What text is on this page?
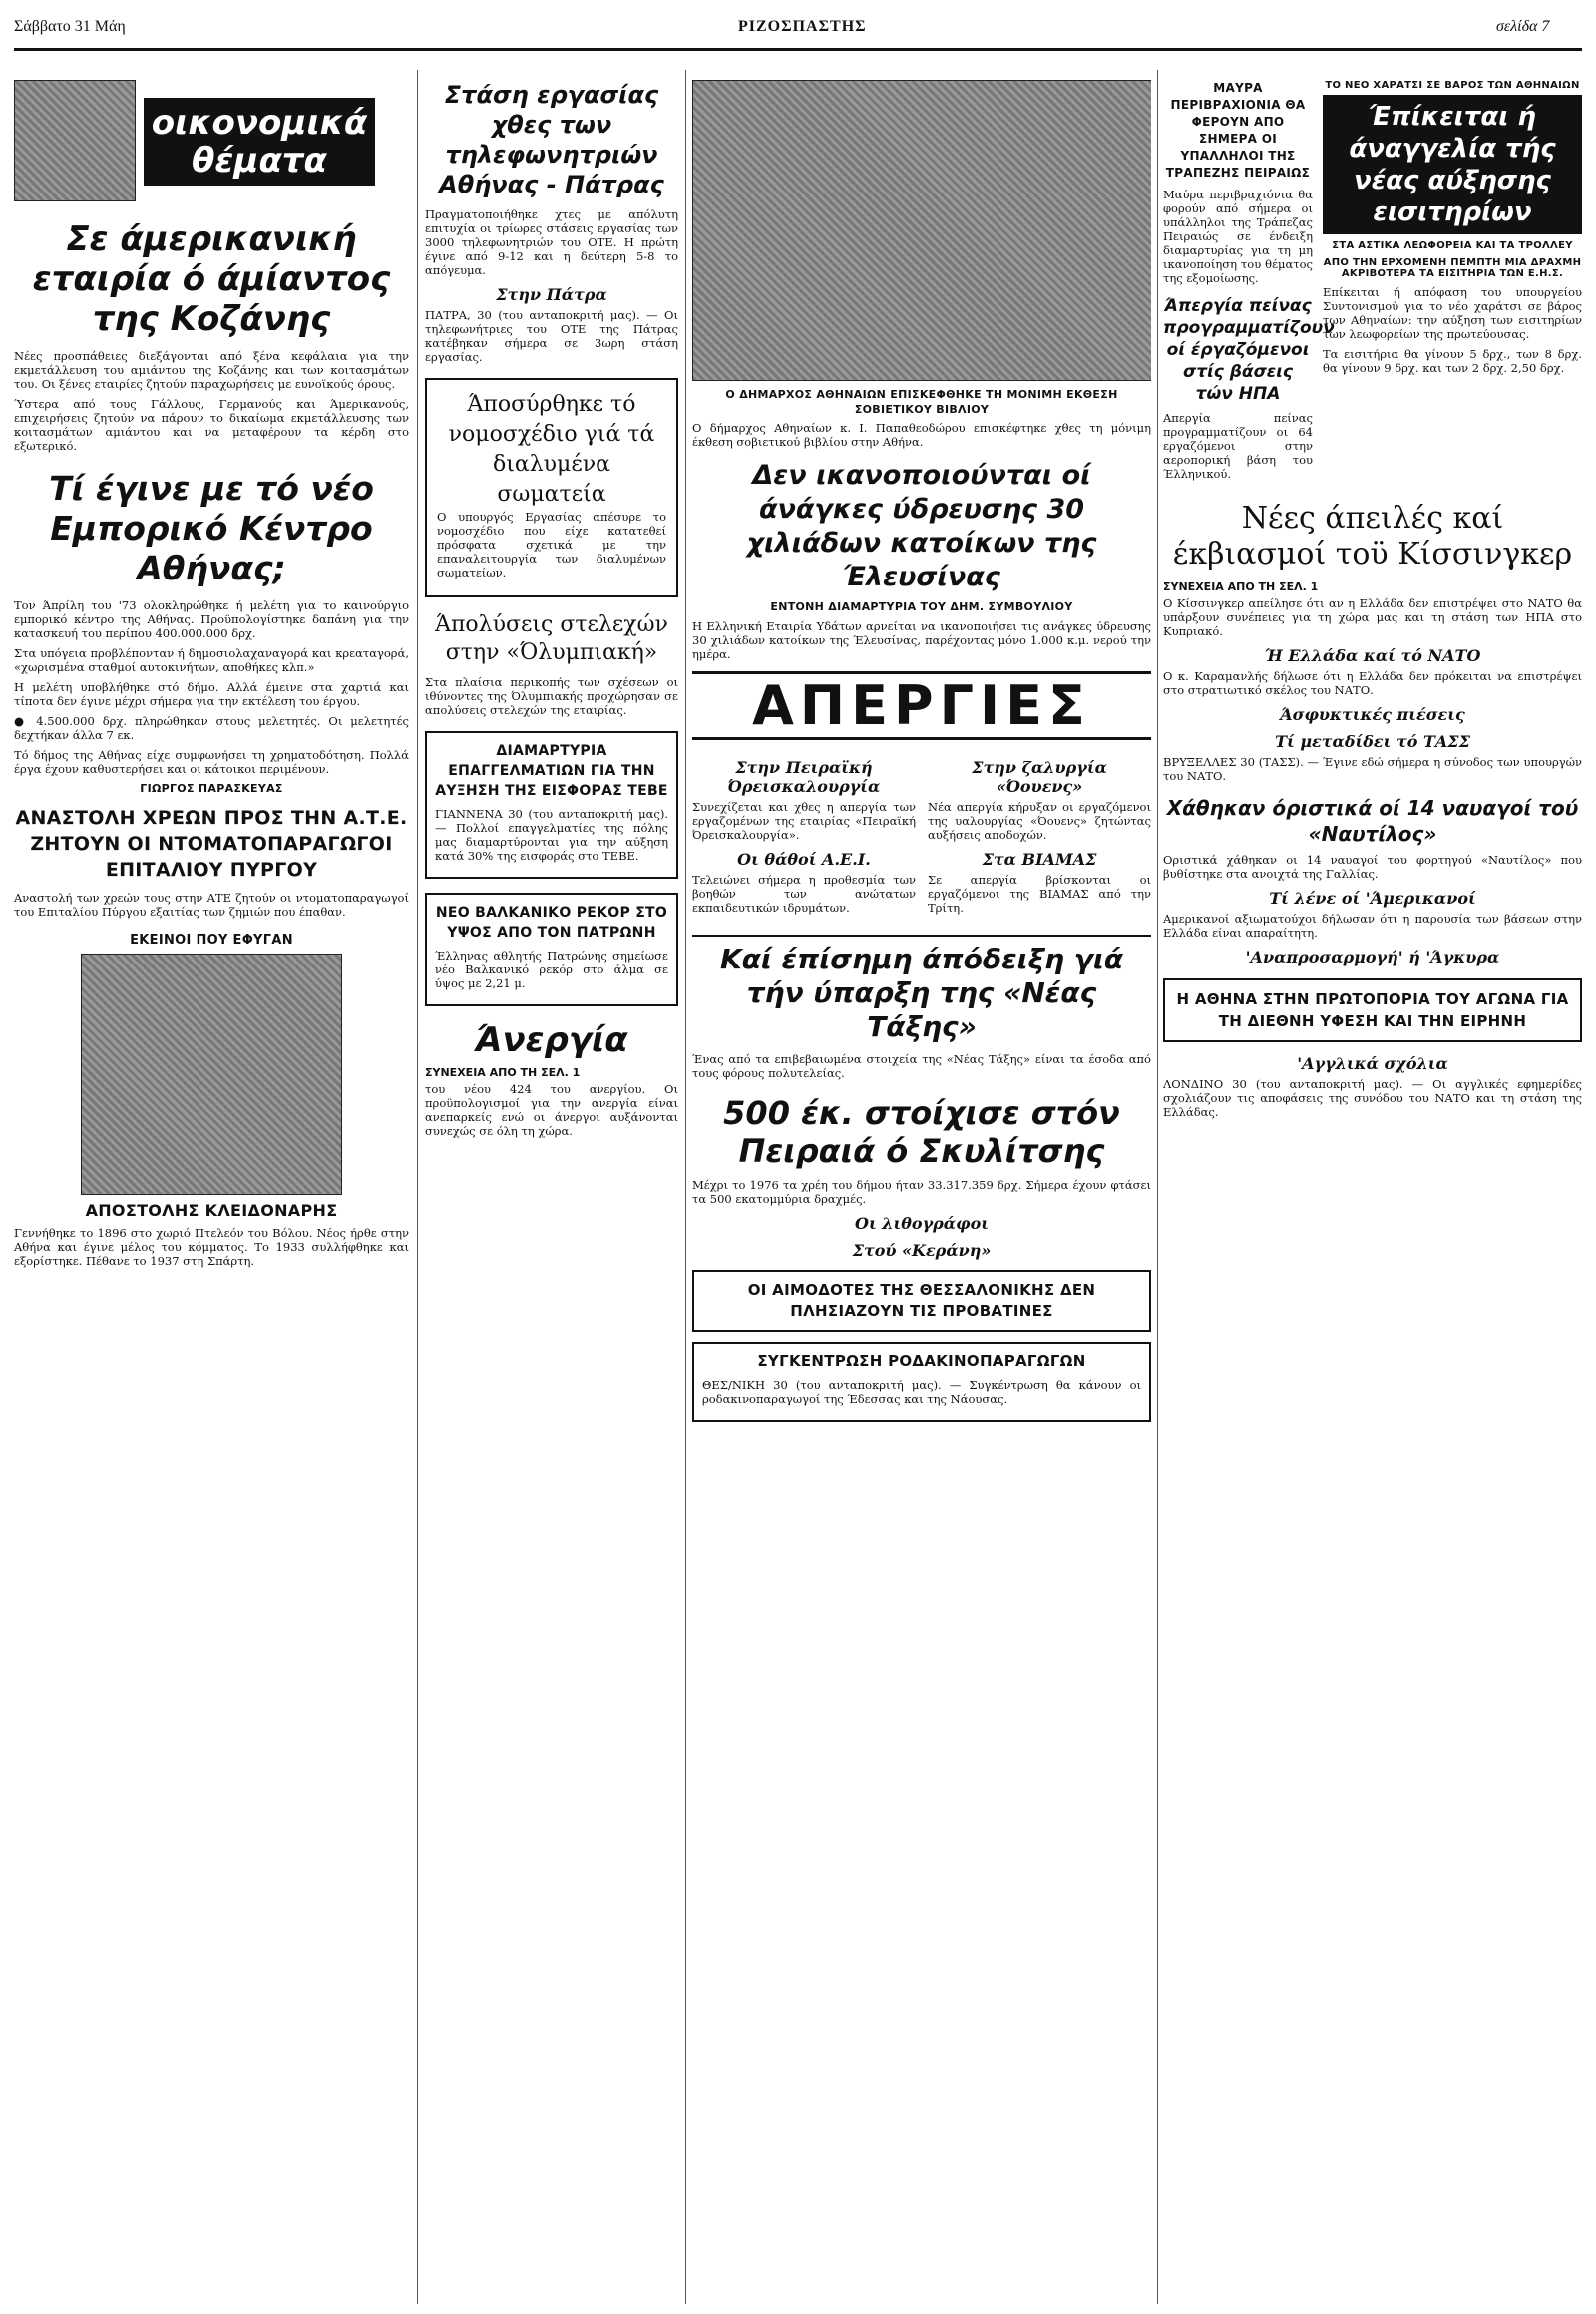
Σάββατο 31 Μάη	ΡΙΖΟΣΠΑΣΤΗΣ	σελίδα 7
οικονομικά
θέματα
Σε άμερικανική εταιρία ό άμίαντος της Κοζάνης

Νέες προσπάθειες διεξάγονται από ξένα κεφάλαια για την εκμετάλλευση του αμιάντου της Κοζάνης και των κοιτασμάτων του. Οι ξένες εταιρίες ζητούν παραχωρήσεις με ευνοϊκούς όρους.

Ύστερα από τους Γάλλους, Γερμανούς και Άμερικανούς, επιχειρήσεις ζητούν να πάρουν το δικαίωμα εκμετάλλευσης των κοιτασμάτων αμιάντου και να μεταφέρουν τα κέρδη στο εξωτερικό.

Τί έγινε με τό νέο Εμπορικό Κέντρο Αθήνας;

Τον Άπρίλη του '73 ολοκληρώθηκε ή μελέτη για το καινούργιο εμπορικό κέντρο της Αθήνας. Προϋπολογίστηκε δαπάνη για την κατασκευή του περίπου 400.000.000 δρχ.

Στα υπόγεια προβλέπονταν ή δημοσιολαχαναγορά και κρεαταγορά, «χωρισμένα σταθμοί αυτοκινήτων, αποθήκες κλπ.»

Η μελέτη υποβλήθηκε στό δήμο. Αλλά έμεινε στα χαρτιά και τίποτα δεν έγινε μέχρι σήμερα για την εκτέλεση του έργου.

● 4.500.000 δρχ. πληρώθηκαν στους μελετητές. Οι μελετητές δεχτήκαν άλλα 7 εκ.

Τό δήμος της Αθήνας είχε συμφωνήσει τη χρηματοδότηση. Πολλά έργα έχουν καθυστερήσει και οι κάτοικοι περιμένουν.

ΓΙΩΡΓΟΣ ΠΑΡΑΣΚΕΥΑΣ
ΑΝΑΣΤΟΛΗ ΧΡΕΩΝ ΠΡΟΣ ΤΗΝ Α.Τ.Ε. ΖΗΤΟΥΝ ΟΙ ΝΤΟΜΑΤΟΠΑΡΑΓΩΓΟΙ ΕΠΙΤΑΛΙΟΥ ΠΥΡΓΟΥ

Αναστολή των χρεών τους στην ΑΤΕ ζητούν οι ντοματοπαραγωγοί του Επιταλίου Πύργου εξαιτίας των ζημιών που έπαθαν.

ΕΚΕΙΝΟΙ ΠΟΥ ΕΦΥΓΑΝ
ΑΠΟΣΤΟΛΗΣ ΚΛΕΙΔΟΝΑΡΗΣ

Γεννήθηκε το 1896 στο χωριό Πτελεόν του Βόλου. Νέος ήρθε στην Αθήνα και έγινε μέλος του κόμματος. Το 1933 συλλήφθηκε και εξορίστηκε. Πέθανε το 1937 στη Σπάρτη.

Στάση εργασίας χθες των τηλεφωνητριών Αθήνας - Πάτρας

Πραγματοποιήθηκε χτες με απόλυτη επιτυχία οι τρίωρες στάσεις εργασίας των 3000 τηλεφωνητριών του ΟΤΕ. Η πρώτη έγινε από 9-12 και η δεύτερη 5-8 το απόγευμα.

Στην Πάτρα

ΠΑΤΡΑ, 30 (του ανταποκριτή μας). — Οι τηλεφωνήτριες του ΟΤΕ της Πάτρας κατέβηκαν σήμερα σε 3ωρη στάση εργασίας.

Άποσύρθηκε τό νομοσχέδιο γιά τά διαλυμένα σωματεία

Ο υπουργός Εργασίας απέσυρε το νομοσχέδιο που είχε κατατεθεί πρόσφατα σχετικά με την επαναλειτουργία των διαλυμένων σωματείων.

Άπολύσεις στελεχών στην «Όλυμπιακή»

Στα πλαίσια περικοπής των σχέσεων οι ιθύνοντες της Όλυμπιακής προχώρησαν σε απολύσεις στελεχών της εταιρίας.

ΔΙΑΜΑΡΤΥΡΙΑ ΕΠΑΓΓΕΛΜΑΤΙΩΝ ΓΙΑ ΤΗΝ ΑΥΞΗΣΗ ΤΗΣ ΕΙΣΦΟΡΑΣ ΤΕΒΕ

ΓΙΑΝΝΕΝΑ 30 (του ανταποκριτή μας). — Πολλοί επαγγελματίες της πόλης μας διαμαρτύρονται για την αύξηση κατά 30% της εισφοράς στο ΤΕΒΕ.

ΝΕΟ ΒΑΛΚΑΝΙΚΟ ΡΕΚΟΡ ΣΤΟ ΥΨΟΣ ΑΠΟ ΤΟΝ ΠΑΤΡΩΝΗ

Έλληνας αθλητής Πατρώνης σημείωσε νέο Βαλκανικό ρεκόρ στο άλμα σε ύψος με 2,21 μ.

Άνεργία
ΣΥΝΕΧΕΙΑ ΑΠΟ ΤΗ ΣΕΛ. 1

του νέου 424 του ανεργίου. Οι προϋπολογισμοί για την ανεργία είναι ανεπαρκείς ενώ οι άνεργοι αυξάνονται συνεχώς σε όλη τη χώρα.

Ο ΔΗΜΑΡΧΟΣ ΑΘΗΝΑΙΩΝ ΕΠΙΣΚΕΦΘΗΚΕ ΤΗ ΜΟΝΙΜΗ ΕΚΘΕΣΗ ΣΟΒΙΕΤΙΚΟΥ ΒΙΒΛΙΟΥ

Ο δήμαρχος Αθηναίων κ. Ι. Παπαθεοδώρου επισκέφτηκε χθες τη μόνιμη έκθεση σοβιετικού βιβλίου στην Αθήνα.

Δεν ικανοποιούνται οί άνάγκες ύδρευσης 30 χιλιάδων κατοίκων της Έλευσίνας
ΕΝΤΟΝΗ ΔΙΑΜΑΡΤΥΡΙΑ ΤΟΥ ΔΗΜ. ΣΥΜΒΟΥΛΙΟΥ

Η Ελληνική Εταιρία Υδάτων αρνείται να ικανοποιήσει τις ανάγκες ύδρευσης 30 χιλιάδων κατοίκων της Έλευσίνας, παρέχοντας μόνο 1.000 κ.μ. νερού την ημέρα.

ΑΠΕΡΓΙΕΣ
Στην Πειραϊκή Όρεισκαλουργία

Συνεχίζεται και χθες η απεργία των εργαζομένων της εταιρίας «Πειραϊκή Όρεισκαλουργία».

Οι θάθοί Α.Ε.Ι.

Τελειώνει σήμερα η προθεσμία των βοηθών των ανώτατων εκπαιδευτικών ιδρυμάτων.

Στην ζαλυργία «Όουενς»

Νέα απεργία κήρυξαν οι εργαζόμενοι της υαλουργίας «Όουενς» ζητώντας αυξήσεις αποδοχών.

Στα ΒΙΑΜΑΣ

Σε απεργία βρίσκονται οι εργαζόμενοι της ΒΙΑΜΑΣ από την Τρίτη.

Καί έπίσημη άπόδειξη γιά τήν ύπαρξη της «Νέας Τάξης»

Ένας από τα επιβεβαιωμένα στοιχεία της «Νέας Τάξης» είναι τα έσοδα από τους φόρους πολυτελείας.

500 έκ. στοίχισε στόν Πειραιά ό Σκυλίτσης

Μέχρι το 1976 τα χρέη του δήμου ήταν 33.317.359 δρχ. Σήμερα έχουν φτάσει τα 500 εκατομμύρια δραχμές.

Οι λιθογράφοι
Στού «Κεράνη»
ΟΙ ΑΙΜΟΔΟΤΕΣ ΤΗΣ ΘΕΣΣΑΛΟΝΙΚΗΣ ΔΕΝ ΠΛΗΣΙΑΖΟΥΝ ΤΙΣ ΠΡΟΒΑΤΙΝΕΣ
ΣΥΓΚΕΝΤΡΩΣΗ ΡΟΔΑΚΙΝΟΠΑΡΑΓΩΓΩΝ

ΘΕΣ/ΝΙΚΗ 30 (του ανταποκριτή μας). — Συγκέντρωση θα κάνουν οι ροδακινοπαραγωγοί της Έδεσσας και της Νάουσας.

ΜΑΥΡΑ ΠΕΡΙΒΡΑΧΙΟΝΙΑ ΘΑ ΦΕΡΟΥΝ ΑΠΟ ΣΗΜΕΡΑ ΟΙ ΥΠΑΛΛΗΛΟΙ ΤΗΣ ΤΡΑΠΕΖΗΣ ΠΕΙΡΑΙΩΣ

Μαύρα περιβραχιόνια θα φορούν από σήμερα οι υπάλληλοι της Τράπεζας Πειραιώς σε ένδειξη διαμαρτυρίας για τη μη ικανοποίηση του θέματος της εξομοίωσης.

Άπεργία πείνας προγραμματίζουν οί έργαζόμενοι στίς βάσεις τών ΗΠΑ

Απεργία πείνας προγραμματίζουν οι 64 εργαζόμενοι στην αεροπορική βάση του Έλληνικού.

ΤΟ ΝΕΟ ΧΑΡΑΤΣΙ ΣΕ ΒΑΡΟΣ ΤΩΝ ΑΘΗΝΑΙΩΝ
Έπίκειται ή άναγγελία τής νέας αύξησης εισιτηρίων
ΣΤΑ ΑΣΤΙΚΑ ΛΕΩΦΟΡΕΙΑ ΚΑΙ ΤΑ ΤΡΟΛΛΕΥ
ΑΠΟ ΤΗΝ ΕΡΧΟΜΕΝΗ ΠΕΜΠΤΗ ΜΙΑ ΔΡΑΧΜΗ ΑΚΡΙΒΟΤΕΡΑ ΤΑ ΕΙΣΙΤΗΡΙΑ ΤΩΝ Ε.Η.Σ.

Επίκειται ή απόφαση του υπουργείου Συντονισμού για το νέο χαράτσι σε βάρος των Αθηναίων: την αύξηση των εισιτηρίων των λεωφορείων της πρωτεύουσας.

Τα εισιτήρια θα γίνουν 5 δρχ., των 8 δρχ. θα γίνουν 9 δρχ. και των 2 δρχ. 2,50 δρχ.

Νέες άπειλές καί έκβιασμοί τοϋ Κίσσινγκερ
ΣΥΝΕΧΕΙΑ ΑΠΟ ΤΗ ΣΕΛ. 1

Ο Κίσσινγκερ απείλησε ότι αν η Ελλάδα δεν επιστρέψει στο ΝΑΤΟ θα υπάρξουν συνέπειες για τη χώρα μας και τη στάση των ΗΠΑ στο Κυπριακό.

Ή Ελλάδα καί τό ΝΑΤΟ

Ο κ. Καραμανλής δήλωσε ότι η Ελλάδα δεν πρόκειται να επιστρέψει στο στρατιωτικό σκέλος του ΝΑΤΟ.

Άσφυκτικές πιέσεις
Τί μεταδίδει τό ΤΑΣΣ

ΒΡΥΞΕΛΛΕΣ 30 (ΤΑΣΣ). — Έγινε εδώ σήμερα η σύνοδος των υπουργών του ΝΑΤΟ.

Χάθηκαν όριστικά οί 14 ναυαγοί τού «Ναυτίλος»

Οριστικά χάθηκαν οι 14 ναυαγοί του φορτηγού «Ναυτίλος» που βυθίστηκε στα ανοιχτά της Γαλλίας.

Τί λένε οί 'Άμερικανοί

Αμερικανοί αξιωματούχοι δήλωσαν ότι η παρουσία των βάσεων στην Ελλάδα είναι απαραίτητη.

'Αναπροσαρμογή' ή 'Άγκυρα
Η ΑΘΗΝΑ ΣΤΗΝ ΠΡΩΤΟΠΟΡΙΑ ΤΟΥ ΑΓΩΝΑ ΓΙΑ ΤΗ ΔΙΕΘΝΗ ΥΦΕΣΗ ΚΑΙ ΤΗΝ ΕΙΡΗΝΗ
'Αγγλικά σχόλια

ΛΟΝΔΙΝΟ 30 (του ανταποκριτή μας). — Οι αγγλικές εφημερίδες σχολιάζουν τις αποφάσεις της συνόδου του ΝΑΤΟ και τη στάση της Ελλάδας.
